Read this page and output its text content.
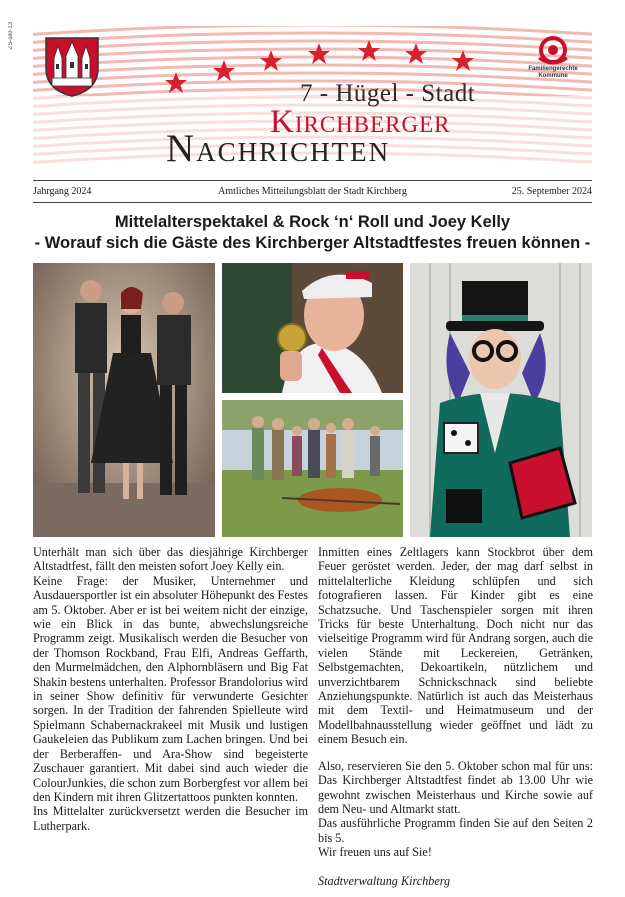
ZS-aikl-13
Familiengerechte
Kommune
7 - Hügel - Stadt
Kirchberger
Nachrichten
Jahrgang 2024	Amtliches Mitteilungsblatt der Stadt Kirchberg	25. September 2024
Mittelalterspektakel & Rock ‘n‘ Roll und Joey Kelly
- Worauf sich die Gäste des Kirchberger Altstadtfestes freuen können -

Unterhält man sich über das diesjährige Kirchberger Altstadtfest, fällt den meisten sofort Joey Kelly ein.

Keine Frage: der Musiker, Unternehmer und Ausdauersportler ist ein absoluter Höhepunkt des Festes am 5. Oktober. Aber er ist bei weitem nicht der einzige, wie ein Blick in das bunte, abwechslungsreiche Programm zeigt. Musikalisch werden die Besucher von der Thomson Rockband, Frau Elfi, Andreas Geffarth, den Murmelmädchen, den Alphornbläsern und Big Fat Shakin bestens unterhalten. Professor Brandolorius wird in seiner Show definitiv für verwunderte Gesichter sorgen. In der Tradition der fahrenden Spielleute wird Spielmann Schabernackrakeel mit Musik und lustigen Gaukeleien das Publikum zum Lachen bringen. Und bei der Berberaffen- und Ara-Show sind begeisterte Zuschauer garantiert. Mit dabei sind auch wieder die ColourJunkies, die schon zum Borbergfest vor allem bei den Kindern mit ihren Glitzertattoos punkten konnten.

Ins Mittelalter zurückversetzt werden die Besucher im Lutherpark.

Inmitten eines Zeltlagers kann Stockbrot über dem Feuer geröstet werden. Jeder, der mag darf selbst in mittelalterliche Kleidung schlüpfen und sich fotografieren lassen. Für Kinder gibt es eine Schatzsuche. Und Taschenspieler sorgen mit ihren Tricks für beste Unterhaltung. Doch nicht nur das vielseitige Programm wird für Andrang sorgen, auch die vielen Stände mit Leckereien, Getränken, Selbstgemachten, Dekoartikeln, nützlichem und unverzichtbarem Schnickschnack sind beliebte Anziehungspunkte. Natürlich ist auch das Meisterhaus mit dem Textil- und Heimatmuseum und der Modellbahnausstellung wieder geöffnet und lädt zu einem Besuch ein.

Also, reservieren Sie den 5. Oktober schon mal für uns: Das Kirchberger Altstadtfest findet ab 13.00 Uhr wie gewohnt zwischen Meisterhaus und Kirche sowie auf dem Neu- und Altmarkt statt.

Das ausführliche Programm finden Sie auf den Seiten 2 bis 5.

Wir freuen uns auf Sie!

Stadtverwaltung Kirchberg
